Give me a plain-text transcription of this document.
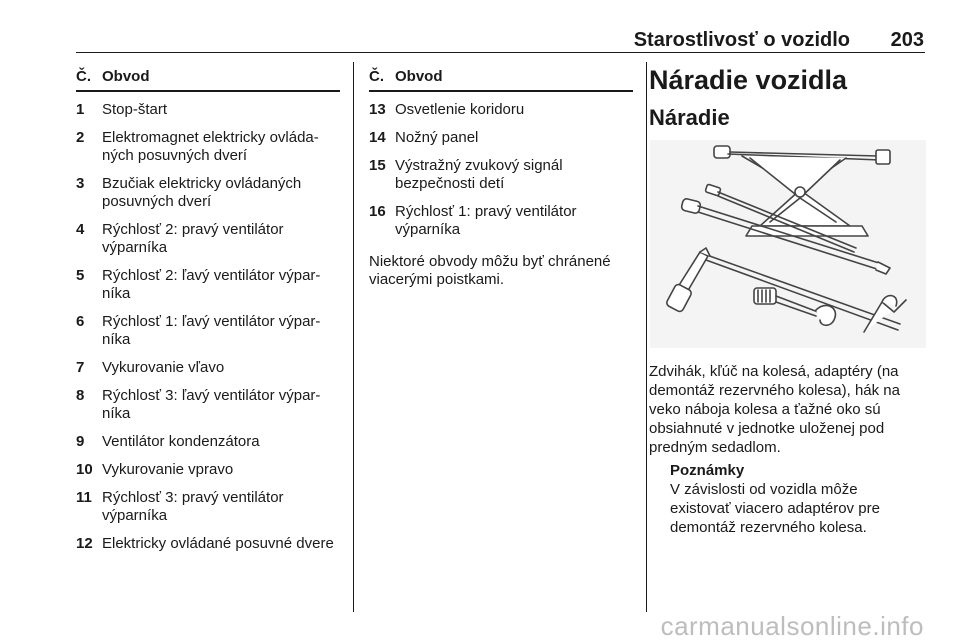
Starostlivosť o vozidlo 203
Č. Obvod
1	Stop-štart
2	Elektromagnet elektricky ovláda-ných posuvných dverí
3	Bzučiak elektricky ovládaných posuvných dverí
4	Rýchlosť 2: pravý ventilátor výparníka
5	Rýchlosť 2: ľavý ventilátor výpar-níka
6	Rýchlosť 1: ľavý ventilátor výpar-níka
7	Vykurovanie vľavo
8	Rýchlosť 3: ľavý ventilátor výpar-níka
9	Ventilátor kondenzátora
10 Vykurovanie vpravo
11 Rýchlosť 3: pravý ventilátor výparníka
12 Elektricky ovládané posuvné dvere
Č. Obvod
13 Osvetlenie koridoru
14 Nožný panel
15 Výstražný zvukový signál bezpečnosti detí
16 Rýchlosť 1: pravý ventilátor výparníka
Niektoré obvody môžu byť chránené viacerými poistkami.
Náradie vozidla
Náradie
Zdvihák, kľúč na kolesá, adaptéry (na demontáž rezervného kolesa), hák na veko náboja kolesa a ťažné oko sú obsiahnuté v jednotke uloženej pod predným sedadlom.
Poznámky
V závislosti od vozidla môže existovať viacero adaptérov pre demontáž rezervného kolesa.
carmanualsonline.info
